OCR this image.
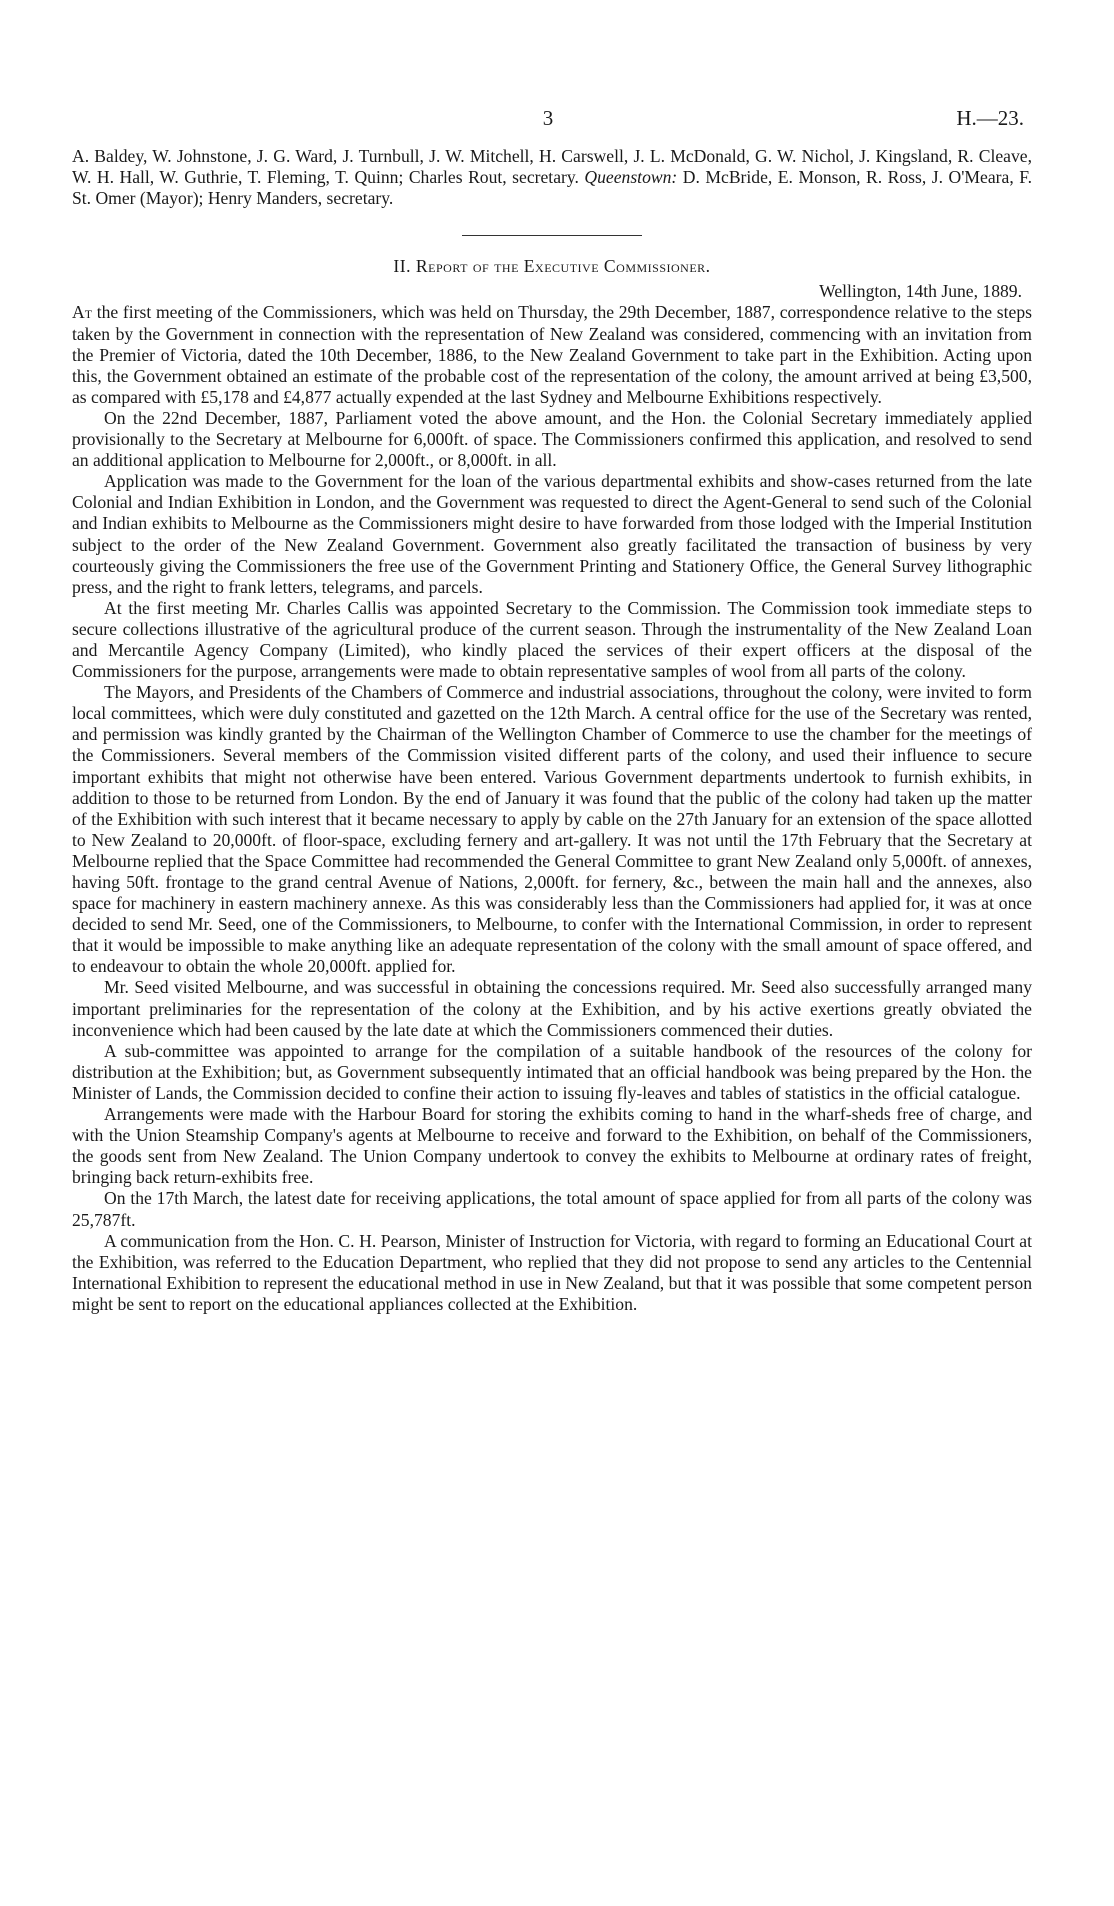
3	H.—23.

A. Baldey, W. Johnstone, J. G. Ward, J. Turnbull, J. W. Mitchell, H. Carswell, J. L. McDonald, G. W. Nichol, J. Kingsland, R. Cleave, W. H. Hall, W. Guthrie, T. Fleming, T. Quinn; Charles Rout, secretary. Queenstown: D. McBride, E. Monson, R. Ross, J. O'Meara, F. St. Omer (Mayor); Henry Manders, secretary.

II. Report of the Executive Commissioner.

Wellington, 14th June, 1889.

At the first meeting of the Commissioners, which was held on Thursday, the 29th December, 1887, correspondence relative to the steps taken by the Government in connection with the representation of New Zealand was considered, commencing with an invitation from the Premier of Victoria, dated the 10th December, 1886, to the New Zealand Government to take part in the Exhibition. Acting upon this, the Government obtained an estimate of the probable cost of the representation of the colony, the amount arrived at being £3,500, as compared with £5,178 and £4,877 actually expended at the last Sydney and Melbourne Exhibitions respectively.

On the 22nd December, 1887, Parliament voted the above amount, and the Hon. the Colonial Secretary immediately applied provisionally to the Secretary at Melbourne for 6,000ft. of space. The Commissioners confirmed this application, and resolved to send an additional application to Melbourne for 2,000ft., or 8,000ft. in all.

Application was made to the Government for the loan of the various departmental exhibits and show-cases returned from the late Colonial and Indian Exhibition in London, and the Government was requested to direct the Agent-General to send such of the Colonial and Indian exhibits to Melbourne as the Commissioners might desire to have forwarded from those lodged with the Imperial Institution subject to the order of the New Zealand Government. Government also greatly facilitated the transaction of business by very courteously giving the Commissioners the free use of the Government Printing and Stationery Office, the General Survey lithographic press, and the right to frank letters, telegrams, and parcels.

At the first meeting Mr. Charles Callis was appointed Secretary to the Commission. The Commission took immediate steps to secure collections illustrative of the agricultural produce of the current season. Through the instrumentality of the New Zealand Loan and Mercantile Agency Company (Limited), who kindly placed the services of their expert officers at the disposal of the Commissioners for the purpose, arrangements were made to obtain representative samples of wool from all parts of the colony.

The Mayors, and Presidents of the Chambers of Commerce and industrial associations, throughout the colony, were invited to form local committees, which were duly constituted and gazetted on the 12th March. A central office for the use of the Secretary was rented, and permission was kindly granted by the Chairman of the Wellington Chamber of Commerce to use the chamber for the meetings of the Commissioners. Several members of the Commission visited different parts of the colony, and used their influence to secure important exhibits that might not otherwise have been entered. Various Government departments undertook to furnish exhibits, in addition to those to be returned from London. By the end of January it was found that the public of the colony had taken up the matter of the Exhibition with such interest that it became necessary to apply by cable on the 27th January for an extension of the space allotted to New Zealand to 20,000ft. of floor-space, excluding fernery and art-gallery. It was not until the 17th February that the Secretary at Melbourne replied that the Space Committee had recommended the General Committee to grant New Zealand only 5,000ft. of annexes, having 50ft. frontage to the grand central Avenue of Nations, 2,000ft. for fernery, &c., between the main hall and the annexes, also space for machinery in eastern machinery annexe. As this was considerably less than the Commissioners had applied for, it was at once decided to send Mr. Seed, one of the Commissioners, to Melbourne, to confer with the International Commission, in order to represent that it would be impossible to make anything like an adequate representation of the colony with the small amount of space offered, and to endeavour to obtain the whole 20,000ft. applied for.

Mr. Seed visited Melbourne, and was successful in obtaining the concessions required. Mr. Seed also successfully arranged many important preliminaries for the representation of the colony at the Exhibition, and by his active exertions greatly obviated the inconvenience which had been caused by the late date at which the Commissioners commenced their duties.

A sub-committee was appointed to arrange for the compilation of a suitable handbook of the resources of the colony for distribution at the Exhibition; but, as Government subsequently intimated that an official handbook was being prepared by the Hon. the Minister of Lands, the Commission decided to confine their action to issuing fly-leaves and tables of statistics in the official catalogue.

Arrangements were made with the Harbour Board for storing the exhibits coming to hand in the wharf-sheds free of charge, and with the Union Steamship Company's agents at Melbourne to receive and forward to the Exhibition, on behalf of the Commissioners, the goods sent from New Zealand. The Union Company undertook to convey the exhibits to Melbourne at ordinary rates of freight, bringing back return-exhibits free.

On the 17th March, the latest date for receiving applications, the total amount of space applied for from all parts of the colony was 25,787ft.

A communication from the Hon. C. H. Pearson, Minister of Instruction for Victoria, with regard to forming an Educational Court at the Exhibition, was referred to the Education Department, who replied that they did not propose to send any articles to the Centennial International Exhibition to represent the educational method in use in New Zealand, but that it was possible that some competent person might be sent to report on the educational appliances collected at the Exhibition.
